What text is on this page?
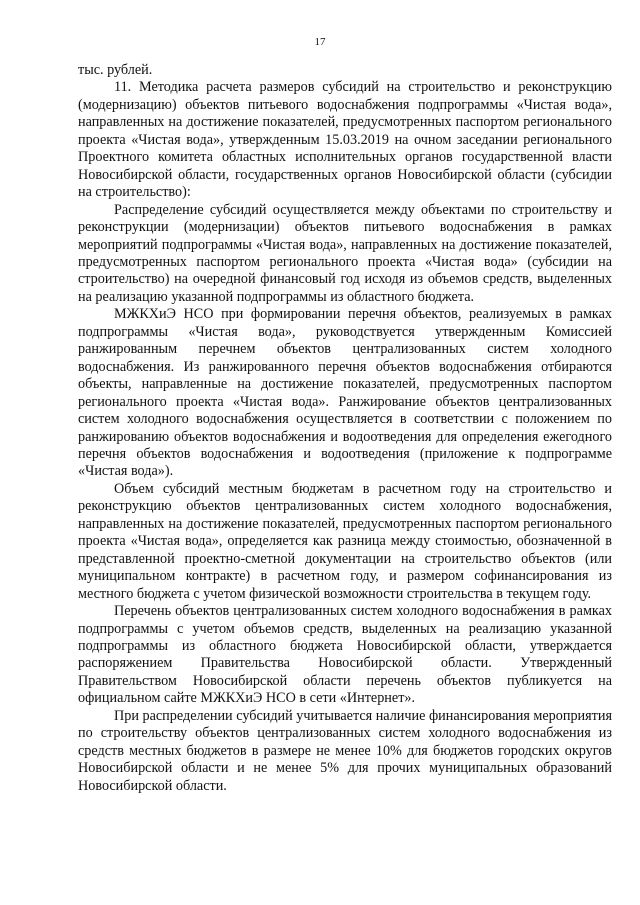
17

тыс. рублей.

11. Методика расчета размеров субсидий на строительство и реконструкцию (модернизацию) объектов питьевого водоснабжения подпрограммы «Чистая вода», направленных на достижение показателей, предусмотренных паспортом регионального проекта «Чистая вода», утвержденным 15.03.2019 на очном заседании регионального Проектного комитета областных исполнительных органов государственной власти Новосибирской области, государственных органов Новосибирской области (субсидии на строительство):

Распределение субсидий осуществляется между объектами по строительству и реконструкции (модернизации) объектов питьевого водоснабжения в рамках мероприятий подпрограммы «Чистая вода», направленных на достижение показателей, предусмотренных паспортом регионального проекта «Чистая вода» (субсидии на строительство) на очередной финансовый год исходя из объемов средств, выделенных на реализацию указанной подпрограммы из областного бюджета.

МЖКХиЭ НСО при формировании перечня объектов, реализуемых в рамках подпрограммы «Чистая вода», руководствуется утвержденным Комиссией ранжированным перечнем объектов централизованных систем холодного водоснабжения. Из ранжированного перечня объектов водоснабжения отбираются объекты, направленные на достижение показателей, предусмотренных паспортом регионального проекта «Чистая вода». Ранжирование объектов централизованных систем холодного водоснабжения осуществляется в соответствии с положением по ранжированию объектов водоснабжения и водоотведения для определения ежегодного перечня объектов водоснабжения и водоотведения (приложение к подпрограмме «Чистая вода»).

Объем субсидий местным бюджетам в расчетном году на строительство и реконструкцию объектов централизованных систем холодного водоснабжения, направленных на достижение показателей, предусмотренных паспортом регионального проекта «Чистая вода», определяется как разница между стоимостью, обозначенной в представленной проектно-сметной документации на строительство объектов (или муниципальном контракте) в расчетном году, и размером софинансирования из местного бюджета с учетом физической возможности строительства в текущем году.

Перечень объектов централизованных систем холодного водоснабжения в рамках подпрограммы с учетом объемов средств, выделенных на реализацию указанной подпрограммы из областного бюджета Новосибирской области, утверждается распоряжением Правительства Новосибирской области. Утвержденный Правительством Новосибирской области перечень объектов публикуется на официальном сайте МЖКХиЭ НСО в сети «Интернет».

При распределении субсидий учитывается наличие финансирования мероприятия по строительству объектов централизованных систем холодного водоснабжения из средств местных бюджетов в размере не менее 10% для бюджетов городских округов Новосибирской области и не менее 5% для прочих муниципальных образований Новосибирской области.
